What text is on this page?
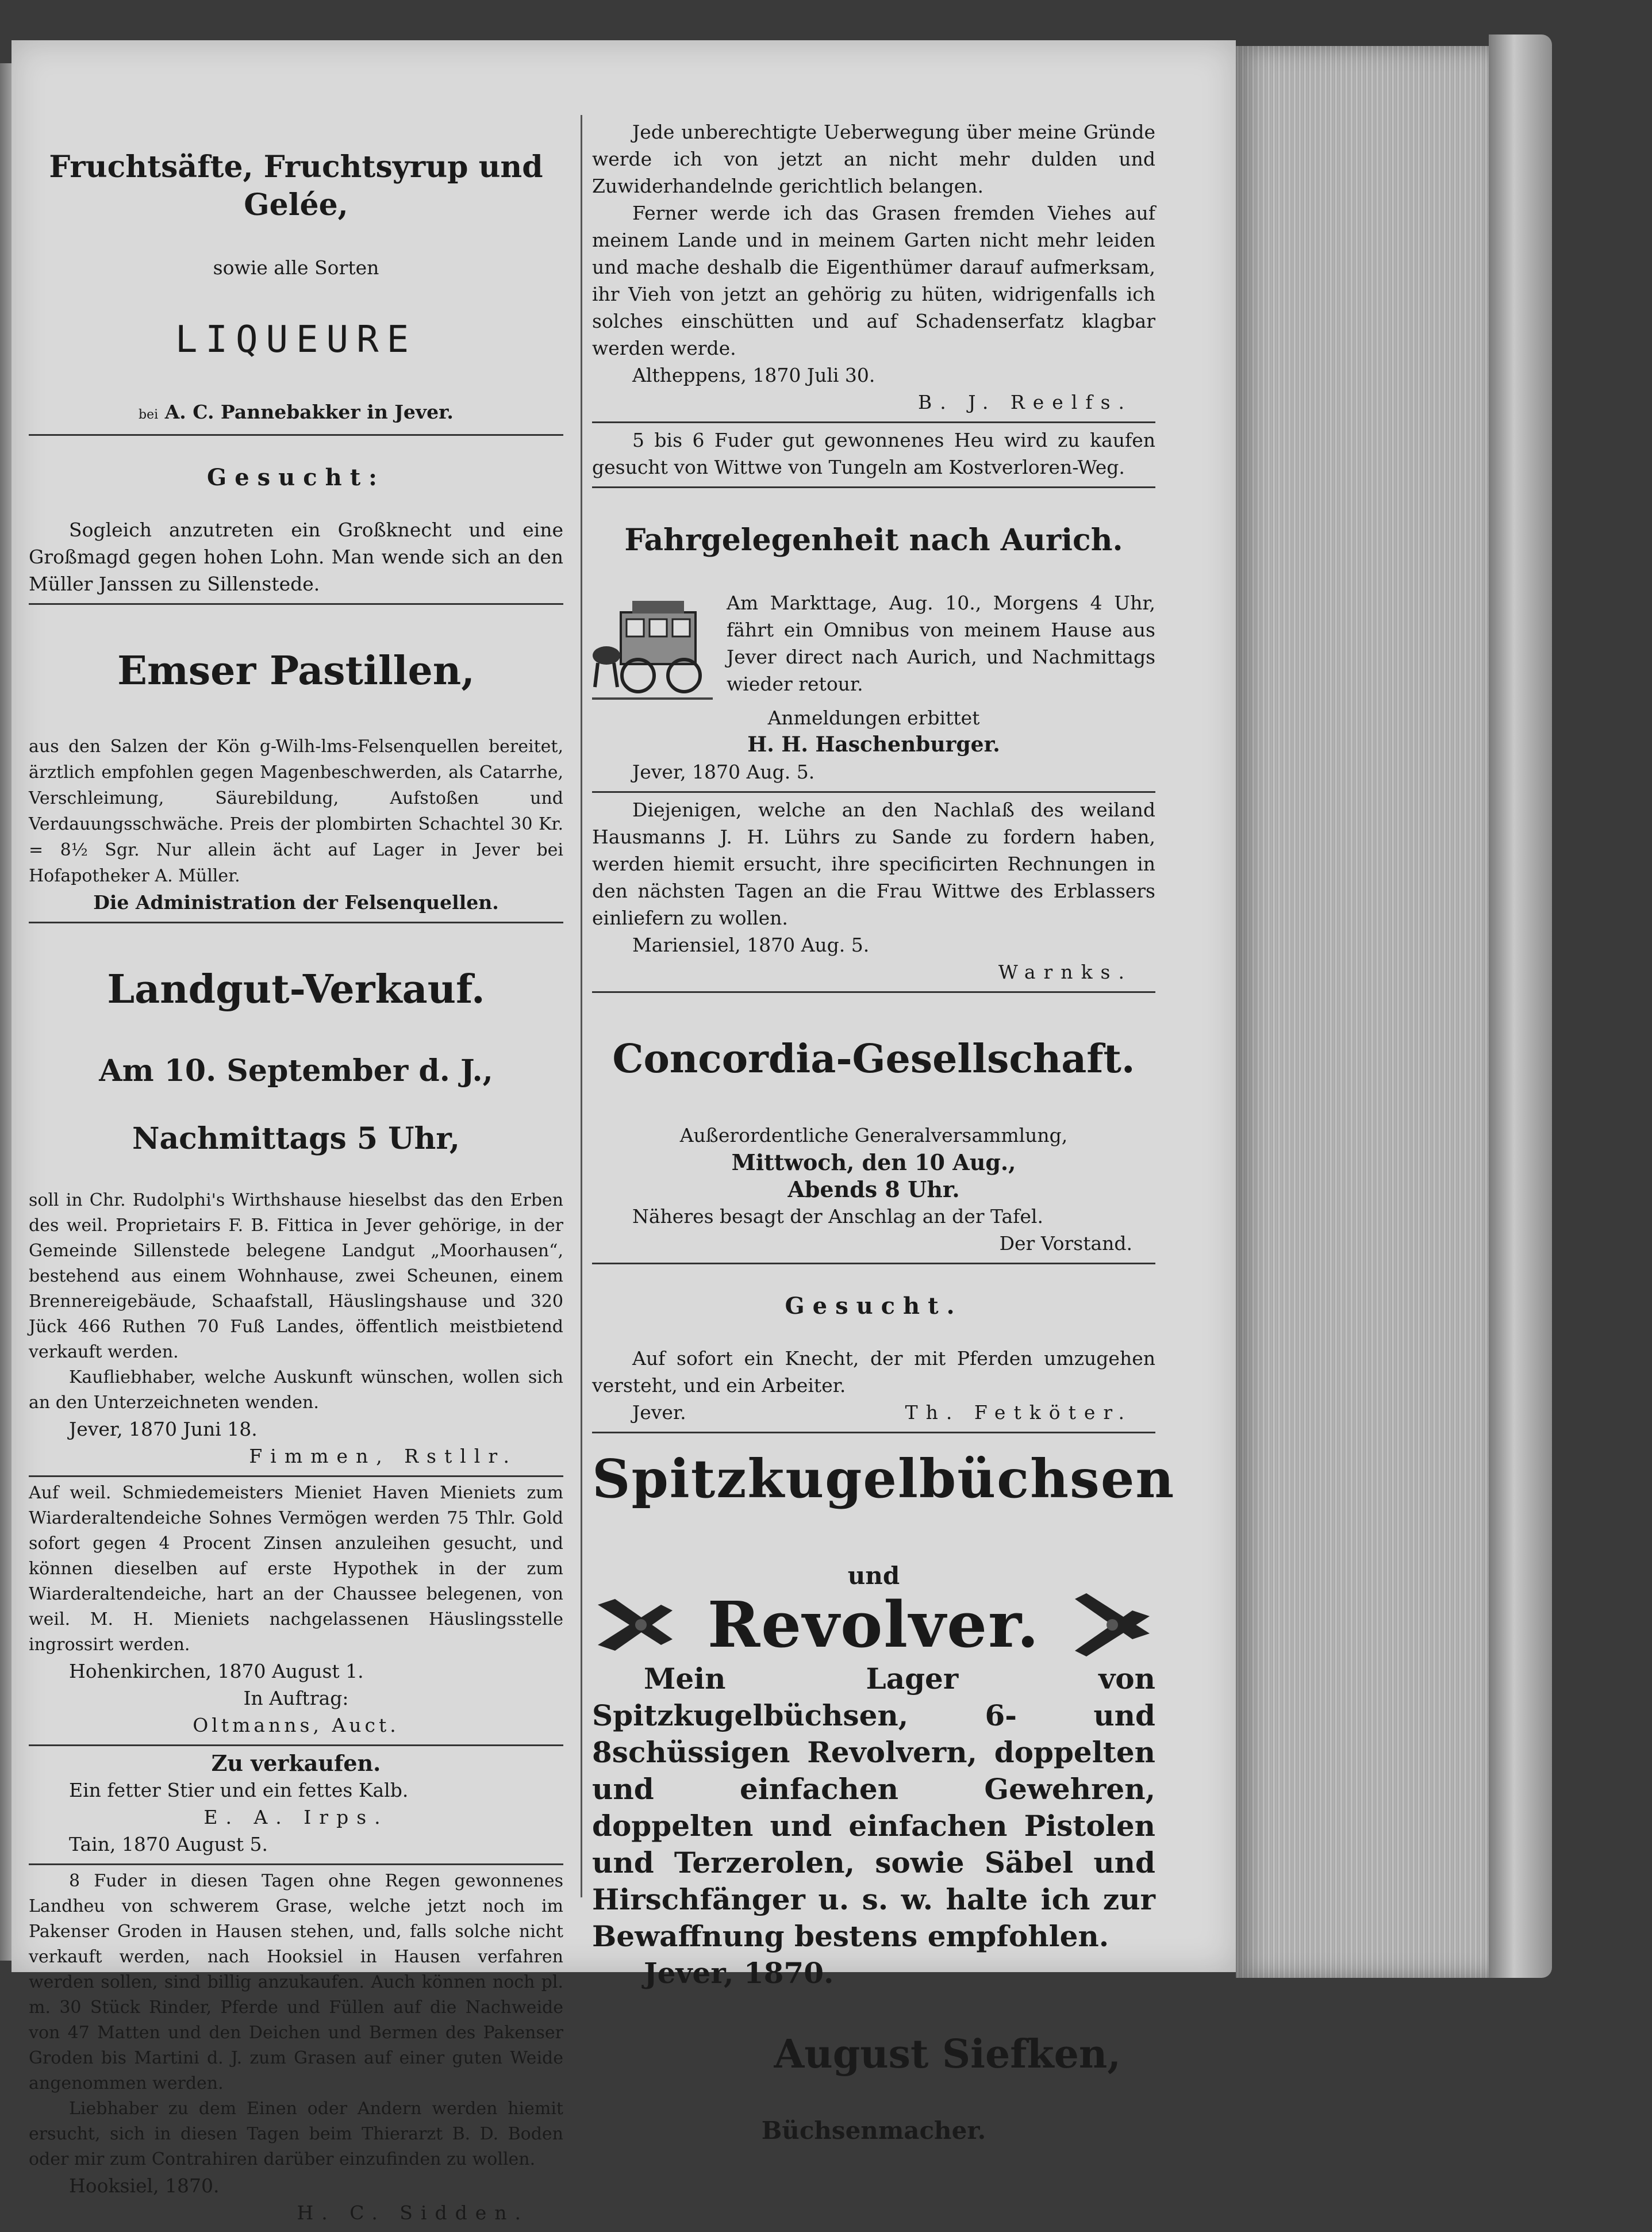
Fruchtsäfte, Fruchtsyrup und Gelée,

sowie alle Sorten

LIQUEURE

bei A. C. Pannebakker in Jever.

Gesucht:

Sogleich anzutreten ein Großknecht und eine Großmagd gegen hohen Lohn. Man wende sich an den Müller Janssen zu Sillenstede.

Emser Pastillen,

aus den Salzen der Kön g-Wilh-lms-Felsenquellen bereitet, ärztlich empfohlen gegen Magenbeschwerden, als Catarrhe, Verschleimung, Säurebildung, Aufstoßen und Verdauungsschwäche. Preis der plombirten Schachtel 30 Kr. = 8½ Sgr. Nur allein ächt auf Lager in Jever bei Hofapotheker A. Müller.

Die Administration der Felsenquellen.

Landgut-Verkauf.

Am 10. September d. J.,

Nachmittags 5 Uhr,

soll in Chr. Rudolphi's Wirthshause hieselbst das den Erben des weil. Proprietairs F. B. Fittica in Jever gehörige, in der Gemeinde Sillenstede belegene Landgut „Moorhausen“, bestehend aus einem Wohnhause, zwei Scheunen, einem Brennereigebäude, Schaafstall, Häuslingshause und 320 Jück 466 Ruthen 70 Fuß Landes, öffentlich meistbietend verkauft werden.

Kaufliebhaber, welche Auskunft wünschen, wollen sich an den Unterzeichneten wenden.

Jever, 1870 Juni 18.

Fimmen, Rstllr.

Auf weil. Schmiedemeisters Mieniet Haven Mieniets zum Wiarderaltendeiche Sohnes Vermögen werden 75 Thlr. Gold sofort gegen 4 Procent Zinsen anzuleihen gesucht, und können dieselben auf erste Hypothek in der zum Wiarderaltendeiche, hart an der Chaussee belegenen, von weil. M. H. Mieniets nachgelassenen Häuslingsstelle ingrossirt werden.

Hohenkirchen, 1870 August 1.

In Auftrag:

Oltmanns, Auct.

Zu verkaufen.

Ein fetter Stier und ein fettes Kalb.

E. A. Irps.

Tain, 1870 August 5.

8 Fuder in diesen Tagen ohne Regen gewonnenes Landheu von schwerem Grase, welche jetzt noch im Pakenser Groden in Hausen stehen, und, falls solche nicht verkauft werden, nach Hooksiel in Hausen verfahren werden sollen, sind billig anzukaufen. Auch können noch pl. m. 30 Stück Rinder, Pferde und Füllen auf die Nachweide von 47 Matten und den Deichen und Bermen des Pakenser Groden bis Martini d. J. zum Grasen auf einer guten Weide angenommen werden.

Liebhaber zu dem Einen oder Andern werden hiemit ersucht, sich in diesen Tagen beim Thierarzt B. D. Boden oder mir zum Contrahiren darüber einzufinden zu wollen.

Hooksiel, 1870.

H. C. Sidden.

Jede unberechtigte Ueberwegung über meine Gründe werde ich von jetzt an nicht mehr dulden und Zuwiderhandelnde gerichtlich belangen.

Ferner werde ich das Grasen fremden Viehes auf meinem Lande und in meinem Garten nicht mehr leiden und mache deshalb die Eigenthümer darauf aufmerksam, ihr Vieh von jetzt an gehörig zu hüten, widrigenfalls ich solches einschütten und auf Schadenserfatz klagbar werden werde.

Altheppens, 1870 Juli 30.

B. J. Reelfs.

5 bis 6 Fuder gut gewonnenes Heu wird zu kaufen gesucht von Wittwe von Tungeln am Kostverloren-Weg.

Fahrgelegenheit nach Aurich.

Am Markttage, Aug. 10., Morgens 4 Uhr, fährt ein Omnibus von meinem Hause aus Jever direct nach Aurich, und Nachmittags wieder retour.

Anmeldungen erbittet

H. H. Haschenburger.

Jever, 1870 Aug. 5.

Diejenigen, welche an den Nachlaß des weiland Hausmanns J. H. Lührs zu Sande zu fordern haben, werden hiemit ersucht, ihre specificirten Rechnungen in den nächsten Tagen an die Frau Wittwe des Erblassers einliefern zu wollen.

Mariensiel, 1870 Aug. 5.

Warnks.

Concordia-Gesellschaft.

Außerordentliche Generalversammlung,

Mittwoch, den 10 Aug.,

Abends 8 Uhr.

Näheres besagt der Anschlag an der Tafel.

Der Vorstand.

Gesucht.

Auf sofort ein Knecht, der mit Pferden umzugehen versteht, und ein Arbeiter.

Jever.	Th. Fetköter.

Spitzkugelbüchsen

und

Revolver.

Mein Lager von Spitzkugelbüchsen, 6- und 8schüssigen Revolvern, doppelten und einfachen Gewehren, doppelten und einfachen Pistolen und Terzerolen, sowie Säbel und Hirschfänger u. s. w. halte ich zur Bewaffnung bestens empfohlen.

Jever, 1870.

August Siefken,

Büchsenmacher.
